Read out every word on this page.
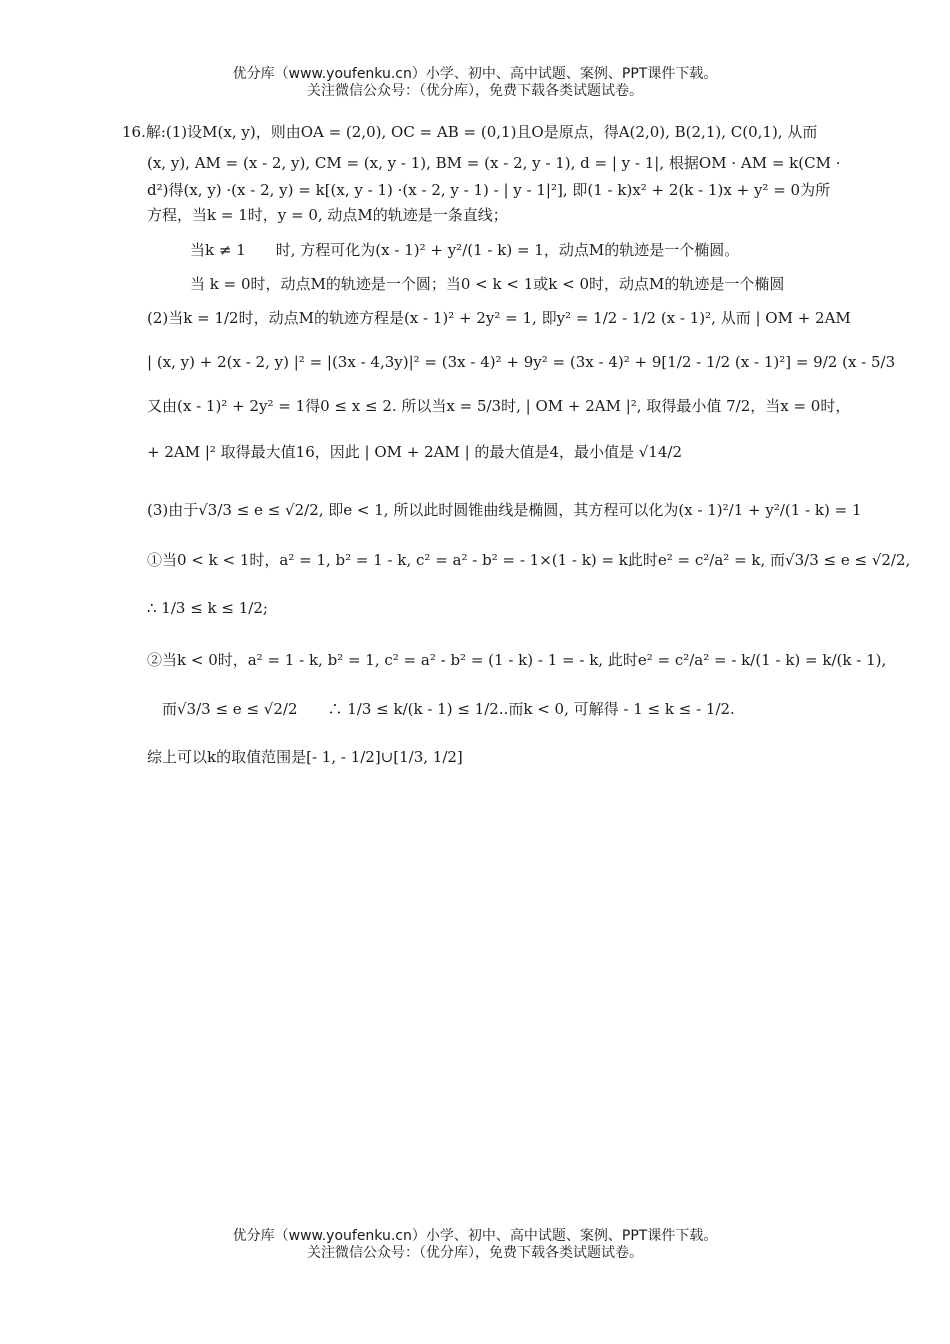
优分库（www.youfenku.cn）小学、初中、高中试题、案例、PPT课件下载。
关注微信公众号：（优分库），免费下载各类试题试卷。
16.解:(1)设M(x, y)，则由OA = (2,0), OC = AB = (0,1)且O是原点，得A(2,0), B(2,1), C(0,1), 从而
(x, y), AM = (x - 2, y), CM = (x, y - 1), BM = (x - 2, y - 1), d = | y - 1|, 根据OM · AM = k(CM ·
d²)得(x, y) ·(x - 2, y) = k[(x, y - 1) ·(x - 2, y - 1) - | y - 1|²], 即(1 - k)x² + 2(k - 1)x + y² = 0为所
方程，当k = 1时，y = 0, 动点M的轨迹是一条直线；
当k ≠ 1　　时, 方程可化为(x - 1)² + y²/(1 - k) = 1，动点M的轨迹是一个椭圆。
当 k = 0时，动点M的轨迹是一个圆；当0 < k < 1或k < 0时，动点M的轨迹是一个椭圆
(2)当k = 1/2时，动点M的轨迹方程是(x - 1)² + 2y² = 1, 即y² = 1/2 - 1/2 (x - 1)², 从而 | OM + 2AM
| (x, y) + 2(x - 2, y) |² = |(3x - 4,3y)|² = (3x - 4)² + 9y² = (3x - 4)² + 9[1/2 - 1/2 (x - 1)²] = 9/2 (x - 5/3
又由(x - 1)² + 2y² = 1得0 ≤ x ≤ 2. 所以当x = 5/3时, | OM + 2AM |², 取得最小值 7/2，当x = 0时，
+ 2AM |² 取得最大值16，因此 | OM + 2AM | 的最大值是4，最小值是 √14/2
(3)由于√3/3 ≤ e ≤ √2/2, 即e < 1, 所以此时圆锥曲线是椭圆，其方程可以化为(x - 1)²/1 + y²/(1 - k) = 1
①当0 < k < 1时，a² = 1, b² = 1 - k, c² = a² - b² = - 1×(1 - k) = k此时e² = c²/a² = k, 而√3/3 ≤ e ≤ √2/2,
∴ 1/3 ≤ k ≤ 1/2;
②当k < 0时，a² = 1 - k, b² = 1, c² = a² - b² = (1 - k) - 1 = - k, 此时e² = c²/a² = - k/(1 - k) = k/(k - 1),
而√3/3 ≤ e ≤ √2/2　　∴ 1/3 ≤ k/(k - 1) ≤ 1/2..而k < 0, 可解得 - 1 ≤ k ≤ - 1/2.
综上可以k的取值范围是[- 1, - 1/2]∪[1/3, 1/2]
优分库（www.youfenku.cn）小学、初中、高中试题、案例、PPT课件下载。
关注微信公众号：（优分库），免费下载各类试题试卷。
